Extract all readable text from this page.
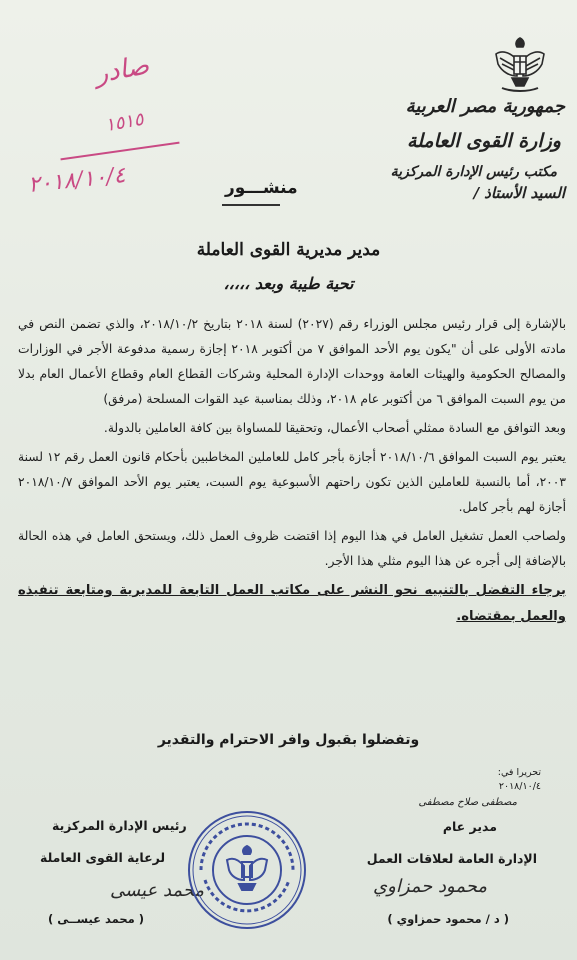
جمهورية مصر العربية
وزارة القوى العاملة
مكتب رئيس الإدارة المركزية
السيد الأستاذ /
منشـــور
صادر
١٥١٥
٢٠١٨/١٠/٤
مدير مديرية القوى العاملة
تحية طيبة وبعد ،،،،،

بالإشارة إلى قرار رئيس مجلس الوزراء رقم (٢٠٢٧) لسنة ٢٠١٨ بتاريخ ٢٠١٨/١٠/٢، والذي تضمن النص في مادته الأولى على أن "يكون يوم الأحد الموافق ٧ من أكتوبر ٢٠١٨ إجازة رسمية مدفوعة الأجر في الوزارات والمصالح الحكومية والهيئات العامة ووحدات الإدارة المحلية وشركات القطاع العام وقطاع الأعمال العام بدلا من يوم السبت الموافق ٦ من أكتوبر عام ٢٠١٨، وذلك بمناسبة عيد القوات المسلحة (مرفق)

وبعد التوافق مع السادة ممثلي أصحاب الأعمال، وتحقيقا للمساواة بين كافة العاملين بالدولة.

يعتبر يوم السبت الموافق ٢٠١٨/١٠/٦ أجازة بأجر كامل للعاملين المخاطبين بأحكام قانون العمل رقم ١٢ لسنة ٢٠٠٣، أما بالنسبة للعاملين الذين تكون راحتهم الأسبوعية يوم السبت، يعتبر يوم الأحد الموافق ٢٠١٨/١٠/٧ أجازة لهم بأجر كامل.

ولصاحب العمل تشغيل العامل في هذا اليوم إذا اقتضت ظروف العمل ذلك، ويستحق العامل في هذه الحالة بالإضافة إلى أجره عن هذا اليوم مثلي هذا الأجر.

برجاء التفضل بالتنبيه نحو النشر على مكاتب العمل التابعة للمديرية ومتابعة تنفيذه والعمل بمقتضاه.

وتفضلوا بقبول وافر الاحترام والتقدير
تحريرا في:
٢٠١٨/١٠/٤
مصطفى صلاح مصطفى
مدير عام
الإدارة العامة لعلاقات العمل
محمود حمزاوي
( د / محمود حمزاوي )
رئيس الإدارة المركزية
لرعاية القوى العاملة
محمد عيسى
( محمد عيســى )
